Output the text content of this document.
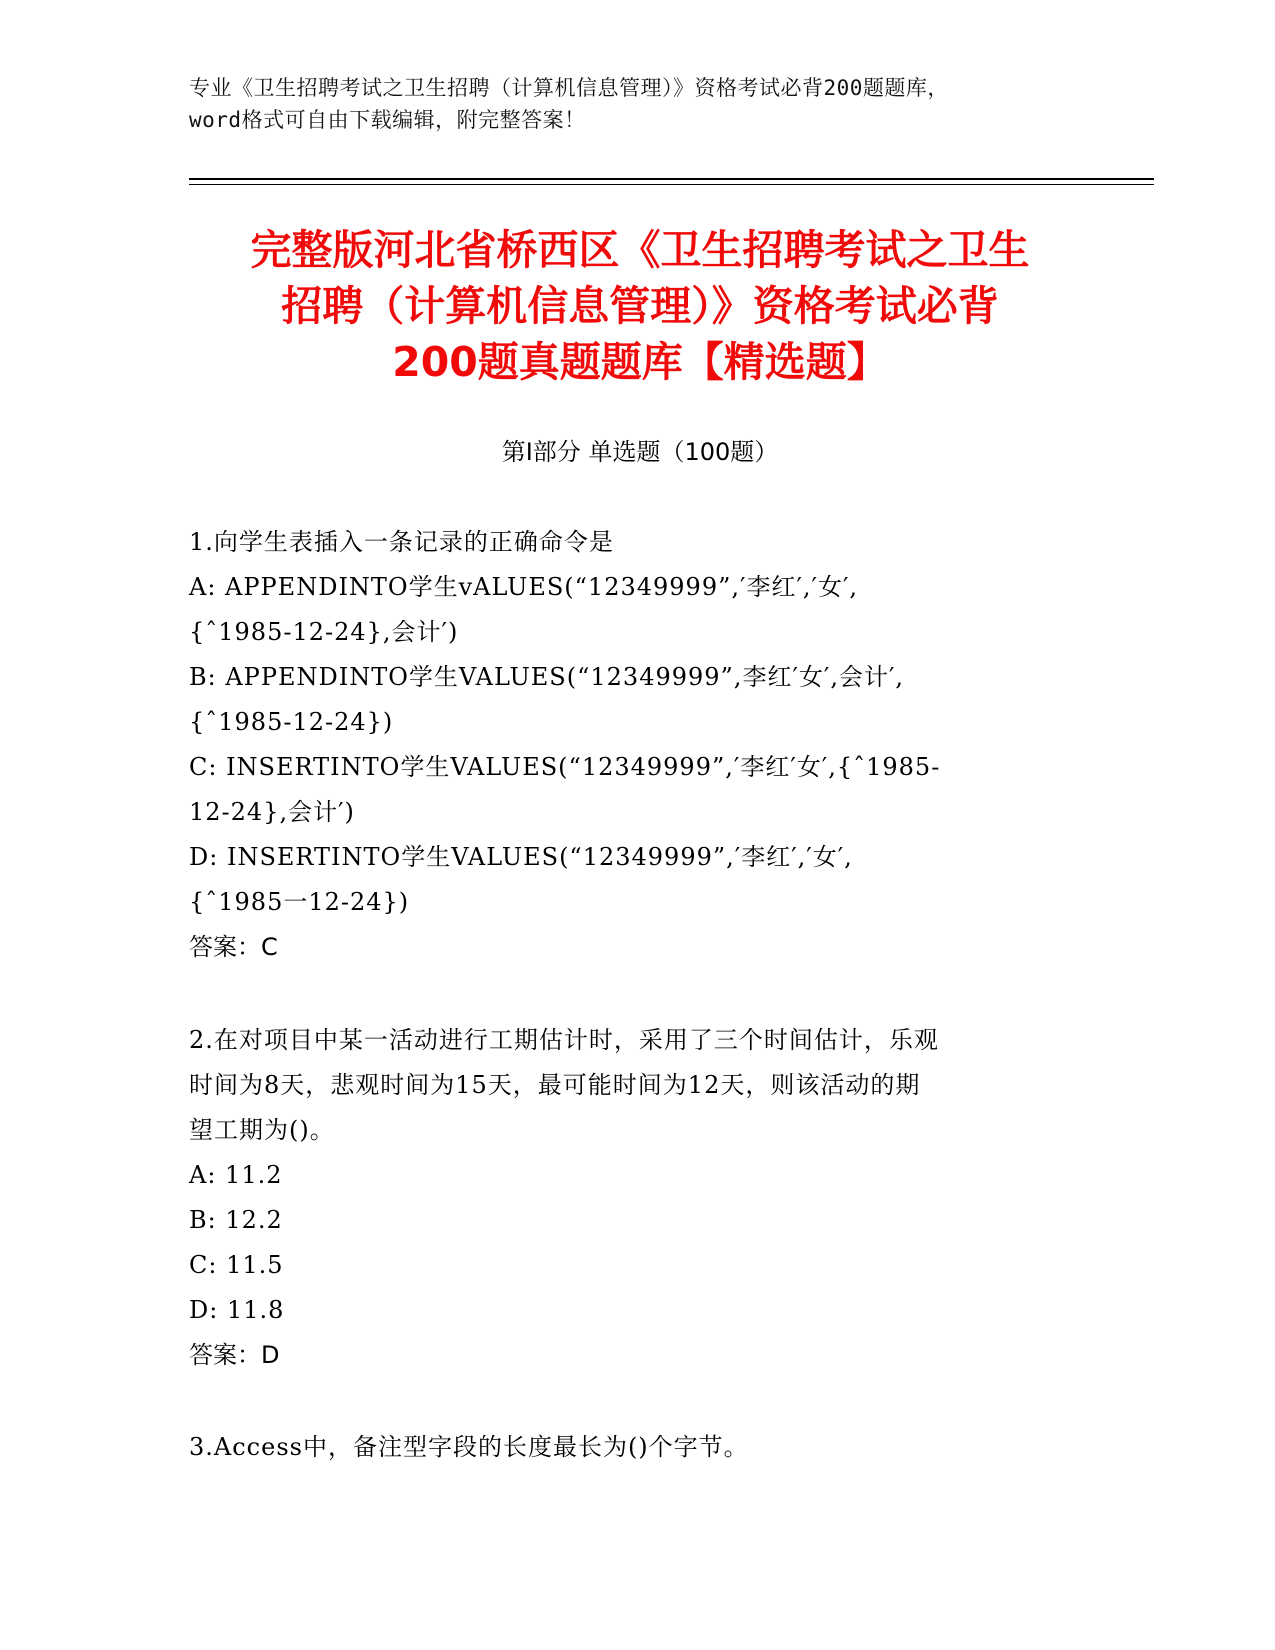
专业《卫生招聘考试之卫生招聘（计算机信息管理）》资格考试必背200题题库，
word格式可自由下载编辑，附完整答案！
完整版河北省桥西区《卫生招聘考试之卫生
招聘（计算机信息管理）》资格考试必背
200题真题题库【精选题】
第Ⅰ部分 单选题（100题）
1.向学生表插入一条记录的正确命令是
A: APPENDINTO学生vALUES(“12349999”,′李红′,′女′,
{ˆ1985-12-24},会计′)
B: APPENDINTO学生VALUES(“12349999”,李红′女′,会计′,
{ˆ1985-12-24})
C: INSERTINTO学生VALUES(“12349999”,′李红′女′,{ˆ1985-
12-24},会计′)
D: INSERTINTO学生VALUES(“12349999”,′李红′,′女′,
{ˆ1985一12-24})
答案：C
2.在对项目中某一活动进行工期估计时，采用了三个时间估计，乐观
时间为8天，悲观时间为15天，最可能时间为12天，则该活动的期
望工期为()。
A: 11.2
B: 12.2
C: 11.5
D: 11.8
答案：D
3.Access中，备注型字段的长度最长为()个字节。
